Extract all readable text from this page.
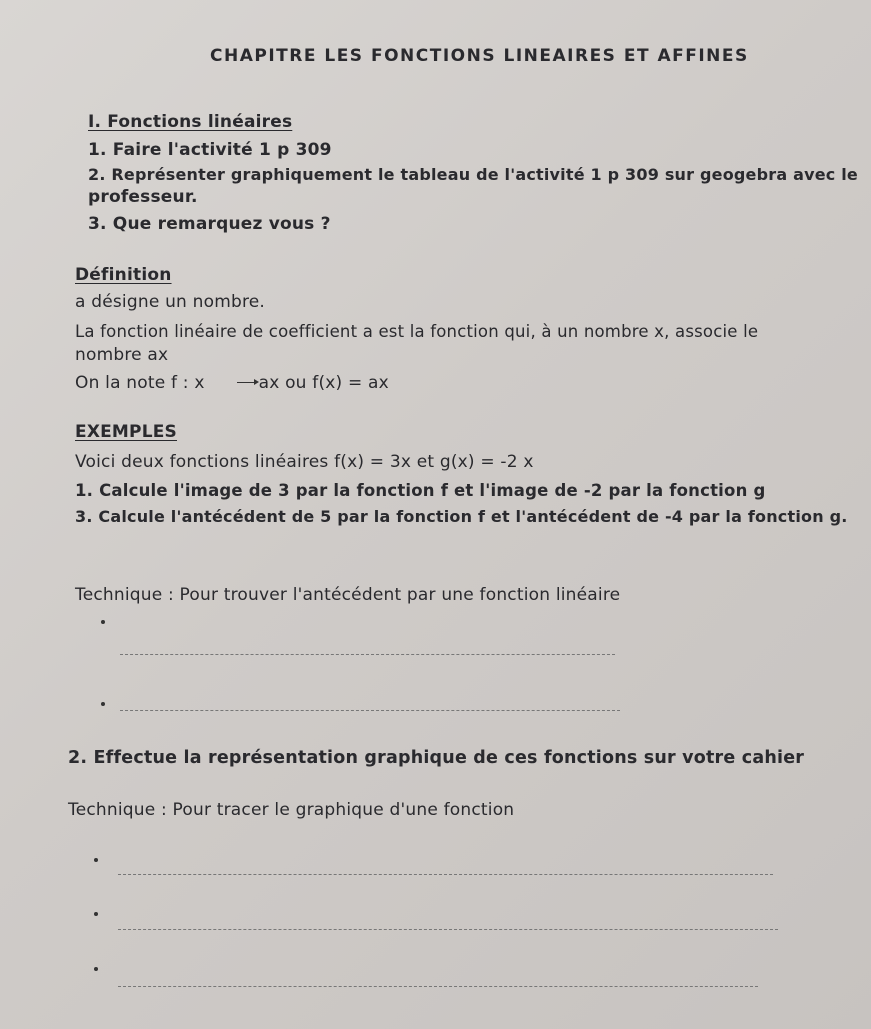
CHAPITRE LES FONCTIONS LINEAIRES ET AFFINES
I. Fonctions linéaires
1. Faire l'activité 1 p 309
2. Représenter graphiquement le tableau de l'activité 1 p 309 sur geogebra avec le
professeur.
3. Que remarquez vous ?
Définition
a désigne un nombre.
La fonction linéaire de coefficient a est la fonction qui, à un nombre x, associe le
nombre ax
On la note f : x	ax ou f(x) = ax
EXEMPLES
Voici deux fonctions linéaires f(x) = 3x et g(x) = -2 x
1. Calcule l'image de 3 par la fonction f et l'image de -2 par la fonction g
3. Calcule l'antécédent de 5 par la fonction f et l'antécédent de -4 par la fonction g.
Technique : Pour trouver l'antécédent par une fonction linéaire
2. Effectue la représentation graphique de ces fonctions sur votre cahier
Technique : Pour tracer le graphique d'une fonction
